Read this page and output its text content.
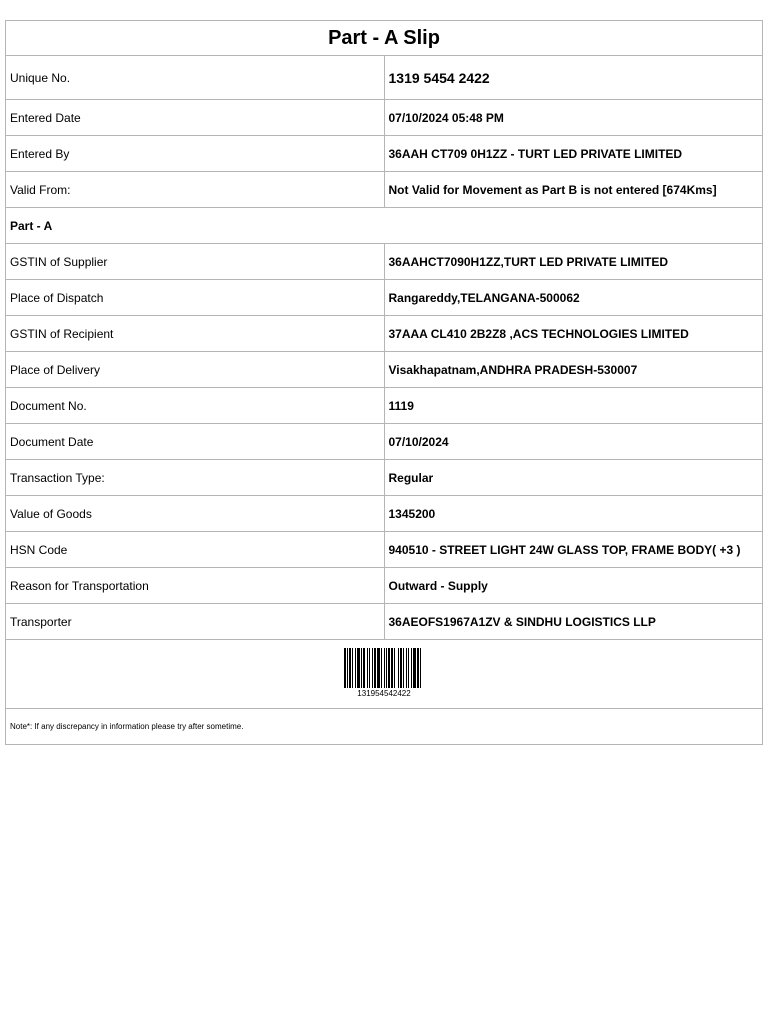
Part - A Slip	
Unique No.	1319 5454 2422
Entered Date	07/10/2024 05:48 PM
Entered By	36AAH CT709 0H1ZZ - TURT LED PRIVATE LIMITED
Valid From:	Not Valid for Movement as Part B is not entered [674Kms]
Part - A	
GSTIN of Supplier	36AAHCT7090H1ZZ,TURT LED PRIVATE LIMITED
Place of Dispatch	Rangareddy,TELANGANA-500062
GSTIN of Recipient	37AAA CL410 2B2Z8 ,ACS TECHNOLOGIES LIMITED
Place of Delivery	Visakhapatnam,ANDHRA PRADESH-530007
Document No.	1119
Document Date	07/10/2024
Transaction Type:	Regular
Value of Goods	1345200
HSN Code	940510 - STREET LIGHT 24W GLASS TOP, FRAME BODY( +3 )
Reason for Transportation	Outward - Supply
Transporter	36AEOFS1967A1ZV & SINDHU LOGISTICS LLP

131954542422	

Note*: If any discrepancy in information please try after sometime.	
